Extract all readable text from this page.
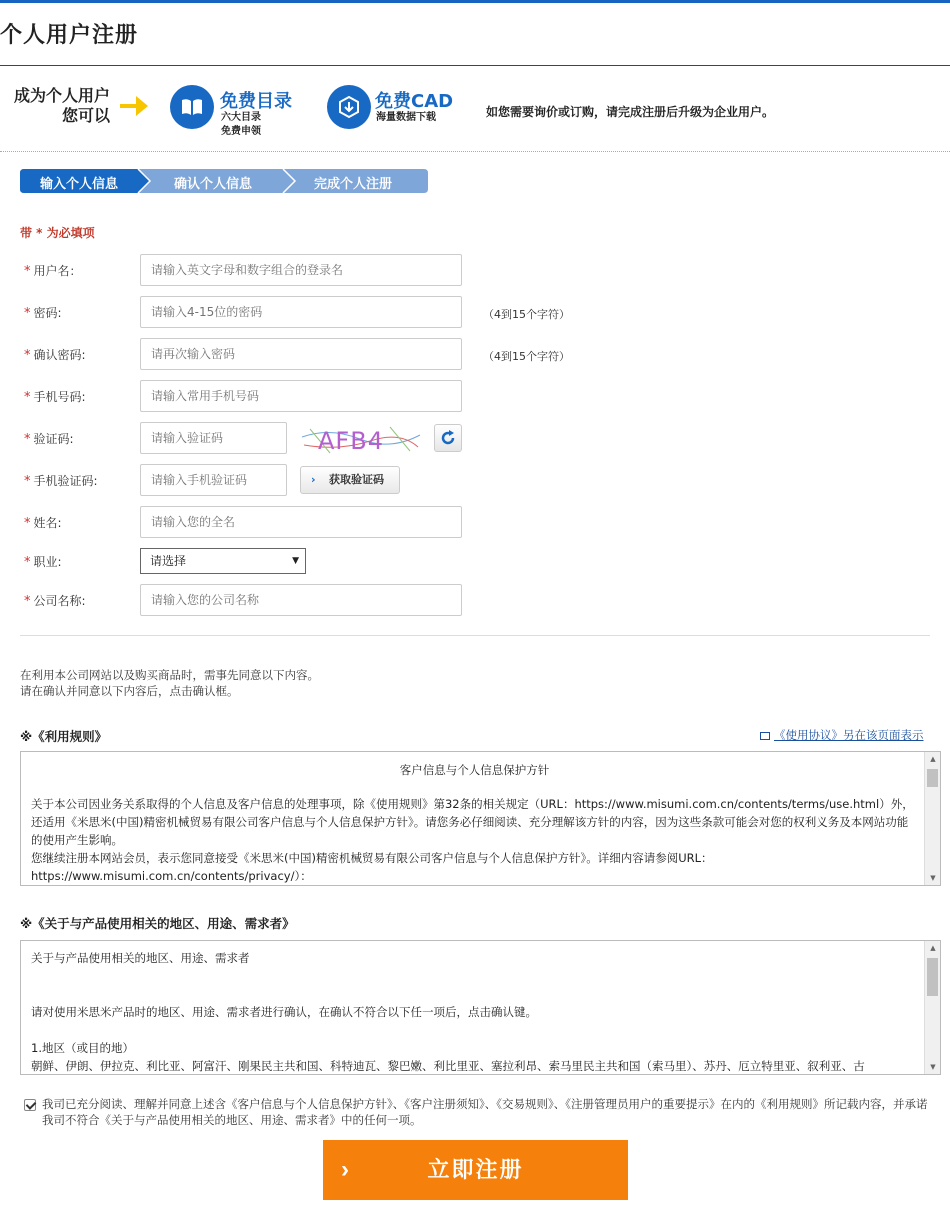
个人用户注册
成为个人用户
您可以
免费目录
六大目录
免费申领
免费CAD
海量数据下载	如您需要询价或订购，请完成注册后升级为企业用户。
输入个人信息	确认个人信息	完成个人注册
带 * 为必填项
* 用户名：
请输入英文字母和数字组合的登录名
* 密码:	（4到15个字符）
* 确认密码:	（4到15个字符）
* 手机号码:
请输入常用手机号码
* 验证码:
请输入验证码	AFB4
* 手机验证码:
请输入手机验证码	› 获取验证码
* 姓名:
请输入您的全名
* 职业:	请选择	▼
* 公司名称:
请输入您的公司名称
在利用本公司网站以及购买商品时，需事先同意以下内容。
请在确认并同意以下内容后，点击确认框。
※《利用规则》	《使用协议》另在该页面表示
客户信息与个人信息保护方针
关于本公司因业务关系取得的个人信息及客户信息的处理事项，除《使用规则》第32条的相关规定（URL：https://www.misumi.com.cn/contents/terms/use.html）外，还适用《米思米(中国)精密机械贸易有限公司客户信息与个人信息保护方针》。请您务必仔细阅读、充分理解该方针的内容，因为这些条款可能会对您的权利义务及本网站功能的使用产生影响。
您继续注册本网站会员，表示您同意接受《米思米(中国)精密机械贸易有限公司客户信息与个人信息保护方针》。详细内容请参阅URL：https://www.misumi.com.cn/contents/privacy/）：
▲
▼
※《关于与产品使用相关的地区、用途、需求者》
关于与产品使用相关的地区、用途、需求者
请对使用米思米产品时的地区、用途、需求者进行确认，在确认不符合以下任一项后，点击确认键。
1.地区（或目的地）
朝鲜、伊朗、伊拉克、利比亚、阿富汗、刚果民主共和国、科特迪瓦、黎巴嫩、利比里亚、塞拉利昂、索马里民主共和国（索马里）、苏丹、厄立特里亚、叙利亚、古
▲
▼
我司已充分阅读、理解并同意上述含《客户信息与个人信息保护方针》、《客户注册须知》、《交易规则》、《注册管理员用户的重要提示》在内的《利用规则》所记载内容，并承诺我司不符合《关于与产品使用相关的地区、用途、需求者》中的任何一项。
›	立即注册
